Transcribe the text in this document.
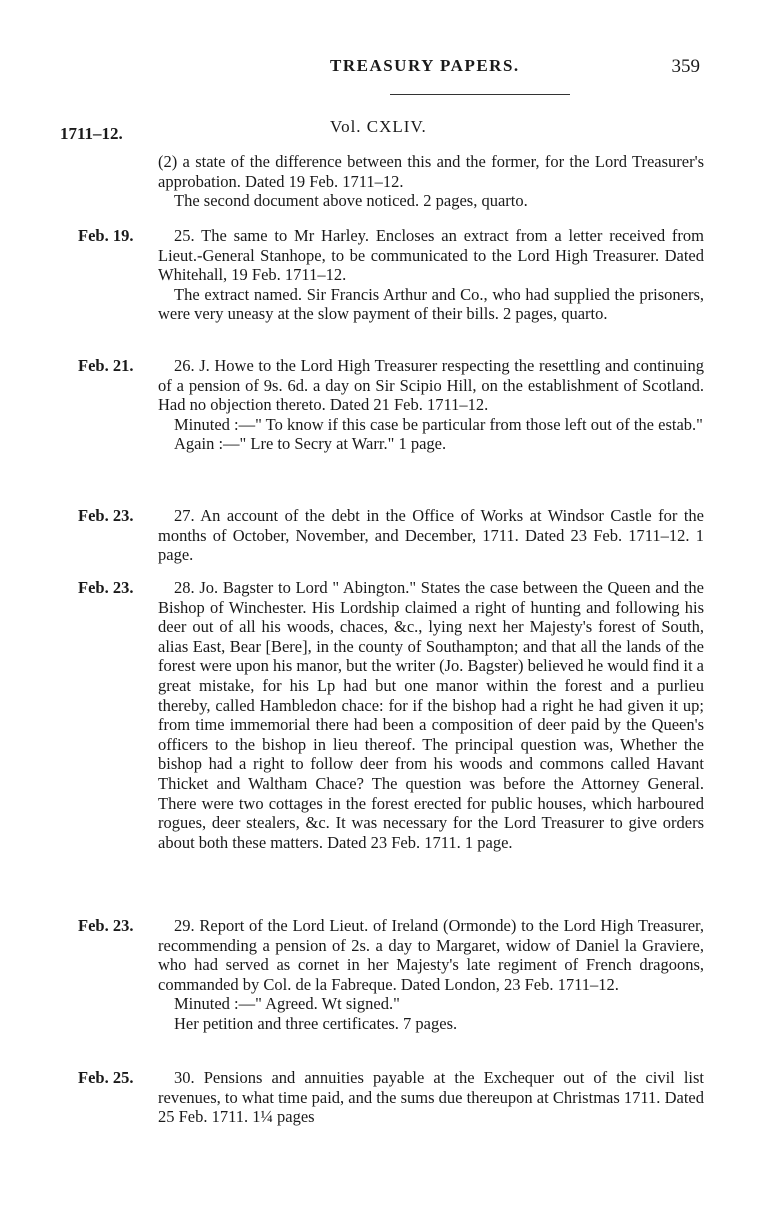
TREASURY PAPERS.	359
1711–12.	Vol. CXLIV.

(2) a state of the difference between this and the former, for the Lord Treasurer's approbation. Dated 19 Feb. 1711–12.

The second document above noticed. 2 pages, quarto.

Feb. 19.	25. The same to Mr Harley. Encloses an extract from a letter received from Lieut.-General Stanhope, to be communicated to the Lord High Treasurer. Dated Whitehall, 19 Feb. 1711–12.

The extract named. Sir Francis Arthur and Co., who had supplied the prisoners, were very uneasy at the slow payment of their bills. 2 pages, quarto.

Feb. 21.	26. J. Howe to the Lord High Treasurer respecting the resettling and continuing of a pension of 9s. 6d. a day on Sir Scipio Hill, on the establishment of Scotland. Had no objection thereto. Dated 21 Feb. 1711–12.

Minuted :—" To know if this case be particular from those left out of the estab."

Again :—" Lre to Secry at Warr." 1 page.

Feb. 23.	27. An account of the debt in the Office of Works at Windsor Castle for the months of October, November, and December, 1711. Dated 23 Feb. 1711–12. 1 page.

Feb. 23.	28. Jo. Bagster to Lord " Abington." States the case between the Queen and the Bishop of Winchester. His Lordship claimed a right of hunting and following his deer out of all his woods, chaces, &c., lying next her Majesty's forest of South, alias East, Bear [Bere], in the county of Southampton; and that all the lands of the forest were upon his manor, but the writer (Jo. Bagster) believed he would find it a great mistake, for his Lp had but one manor within the forest and a purlieu thereby, called Hambledon chace: for if the bishop had a right he had given it up; from time immemorial there had been a composition of deer paid by the Queen's officers to the bishop in lieu thereof. The principal question was, Whether the bishop had a right to follow deer from his woods and commons called Havant Thicket and Waltham Chace? The question was before the Attorney General. There were two cottages in the forest erected for public houses, which harboured rogues, deer stealers, &c. It was necessary for the Lord Treasurer to give orders about both these matters. Dated 23 Feb. 1711. 1 page.

Feb. 23.	29. Report of the Lord Lieut. of Ireland (Ormonde) to the Lord High Treasurer, recommending a pension of 2s. a day to Margaret, widow of Daniel la Graviere, who had served as cornet in her Majesty's late regiment of French dragoons, commanded by Col. de la Fabreque. Dated London, 23 Feb. 1711–12.

Minuted :—" Agreed. Wt signed."

Her petition and three certificates. 7 pages.

Feb. 25.	30. Pensions and annuities payable at the Exchequer out of the civil list revenues, to what time paid, and the sums due thereupon at Christmas 1711. Dated 25 Feb. 1711. 1¼ pages
